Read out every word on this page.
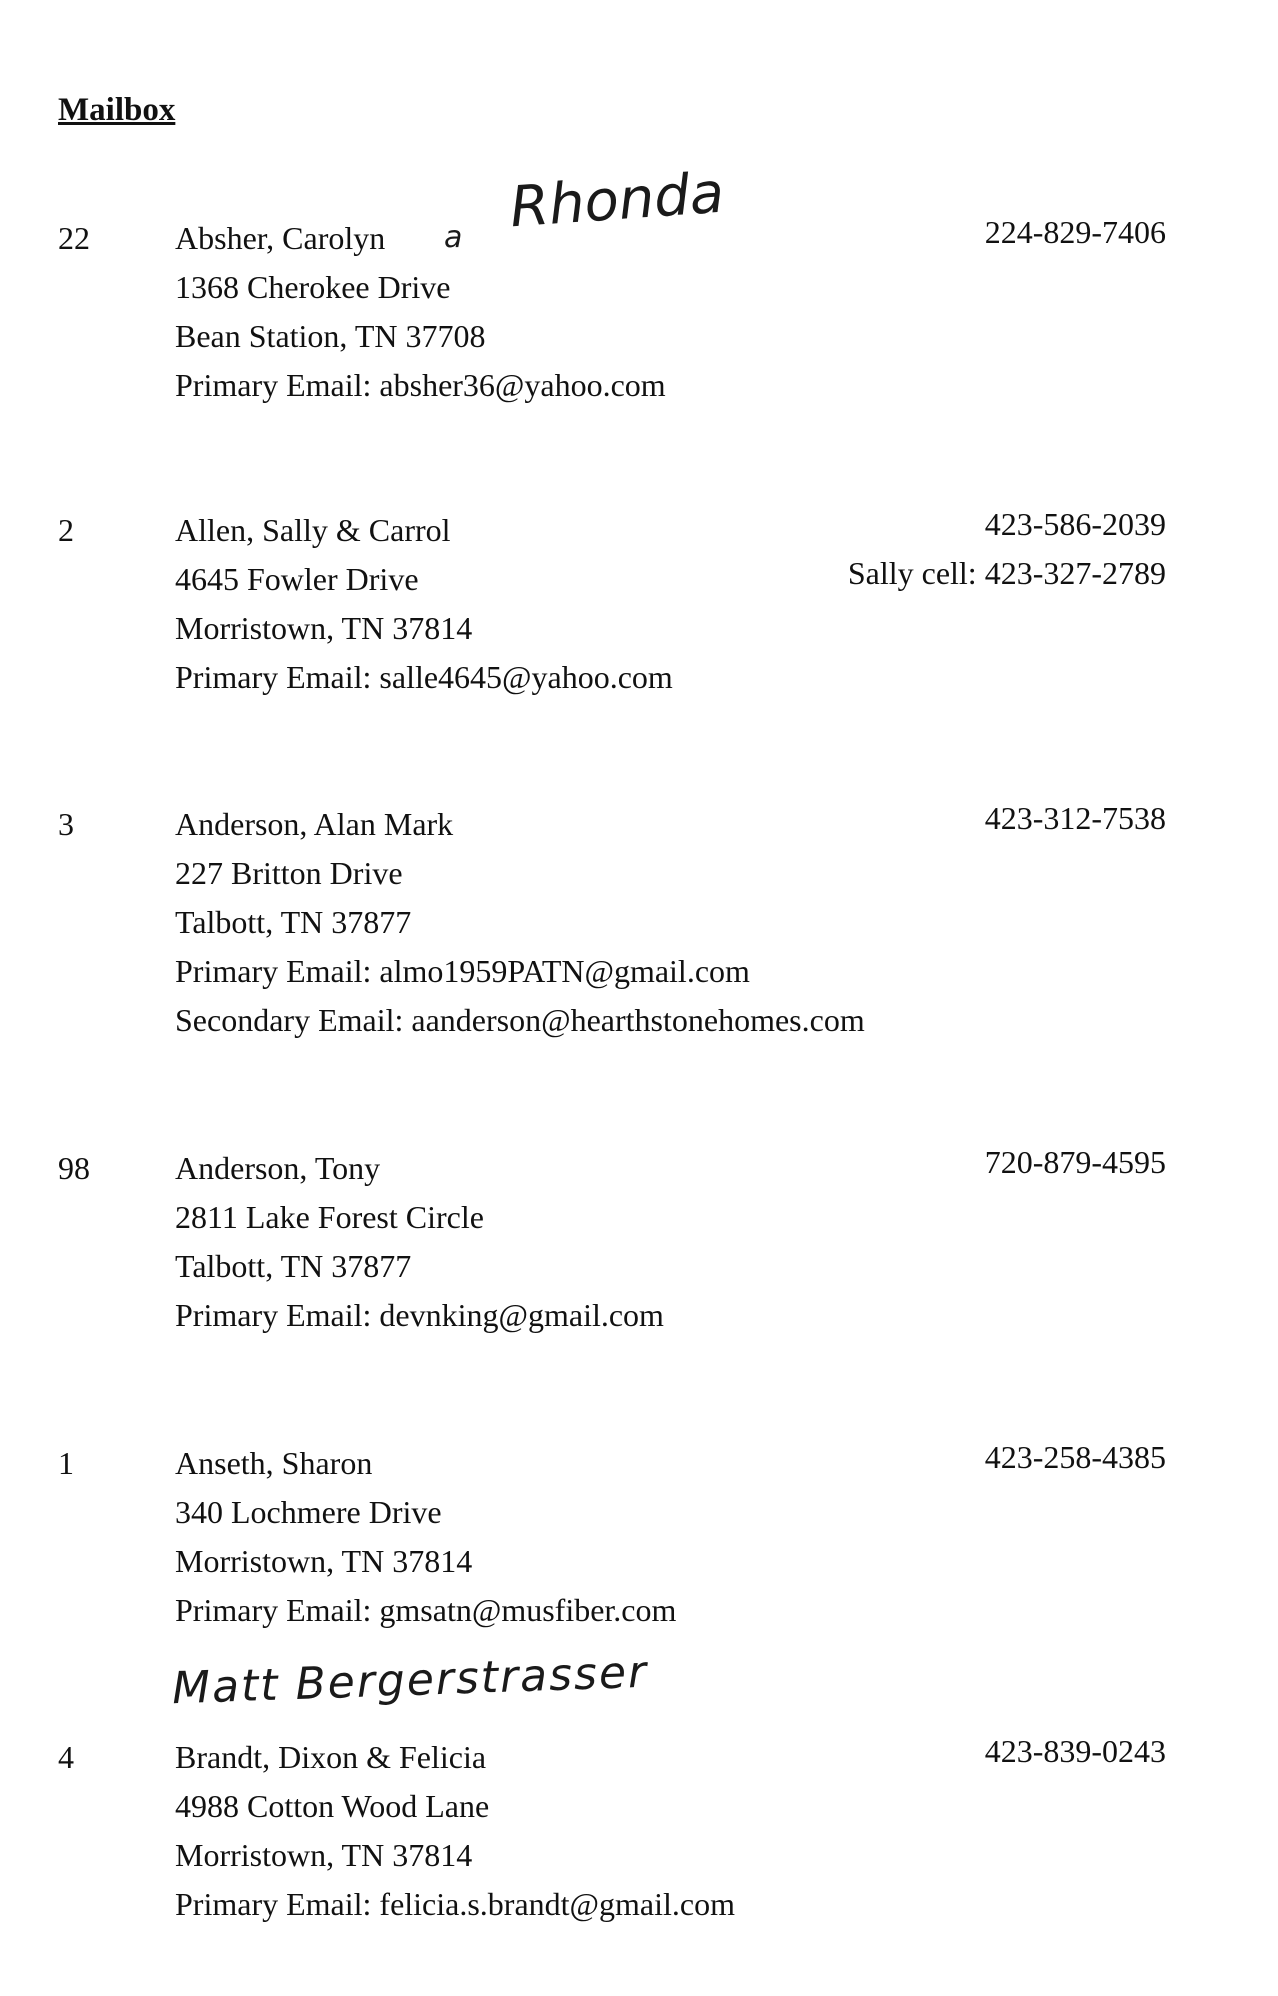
Mailbox
22	Absher, Carolyn
1368 Cherokee Drive
Bean Station, TN 37708
Primary Email: absher36@yahoo.com
224-829-7406
2	Allen, Sally & Carrol
4645 Fowler Drive
Morristown, TN 37814
Primary Email: salle4645@yahoo.com
423-586-2039
Sally cell: 423-327-2789
3	Anderson, Alan Mark
227 Britton Drive
Talbott, TN 37877
Primary Email: almo1959PATN@gmail.com
Secondary Email: aanderson@hearthstonehomes.com
423-312-7538
98	Anderson, Tony
2811 Lake Forest Circle
Talbott, TN 37877
Primary Email: devnking@gmail.com
720-879-4595
1	Anseth, Sharon
340 Lochmere Drive
Morristown, TN 37814
Primary Email: gmsatn@musfiber.com
423-258-4385
4	Brandt, Dixon & Felicia
4988 Cotton Wood Lane
Morristown, TN 37814
Primary Email: felicia.s.brandt@gmail.com
423-839-0243
a Rhonda
Matt Bergerstrasser
